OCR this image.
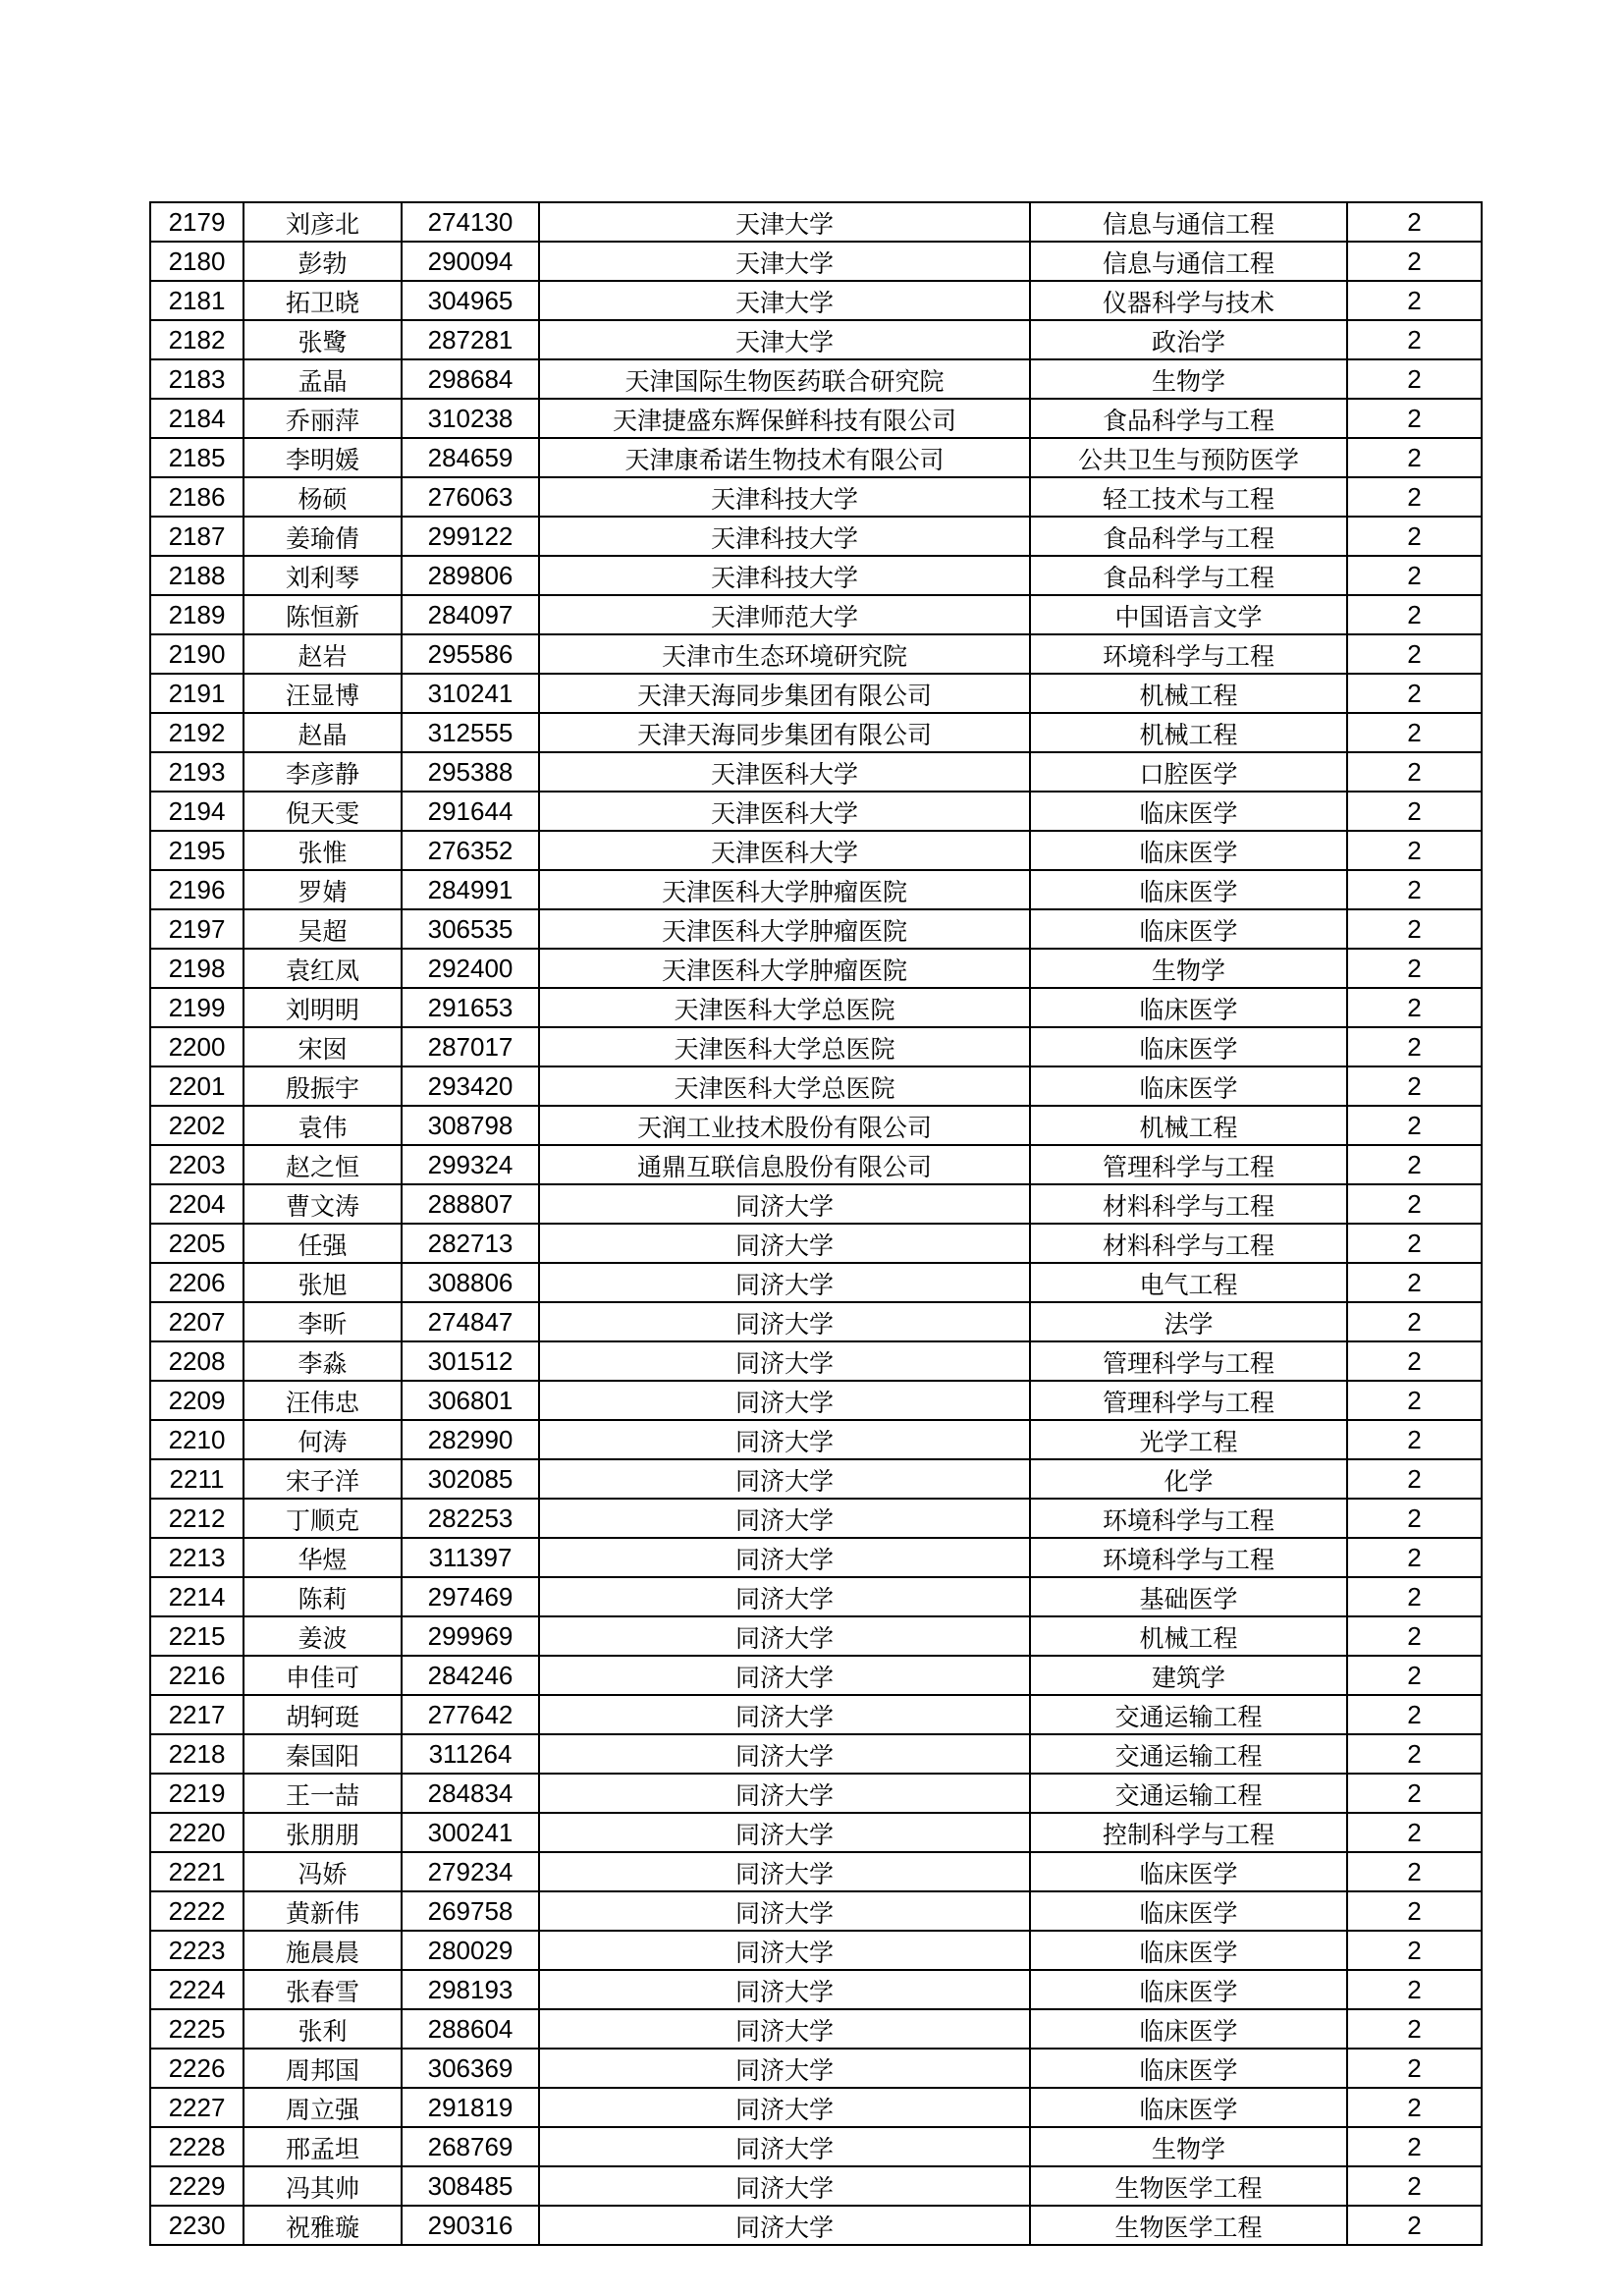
2179	刘彦北	274130	天津大学	信息与通信工程	2
2180	彭勃	290094	天津大学	信息与通信工程	2
2181	拓卫晓	304965	天津大学	仪器科学与技术	2
2182	张鹭	287281	天津大学	政治学	2
2183	孟晶	298684	天津国际生物医药联合研究院	生物学	2
2184	乔丽萍	310238	天津捷盛东辉保鲜科技有限公司	食品科学与工程	2
2185	李明媛	284659	天津康希诺生物技术有限公司	公共卫生与预防医学	2
2186	杨硕	276063	天津科技大学	轻工技术与工程	2
2187	姜瑜倩	299122	天津科技大学	食品科学与工程	2
2188	刘利琴	289806	天津科技大学	食品科学与工程	2
2189	陈恒新	284097	天津师范大学	中国语言文学	2
2190	赵岩	295586	天津市生态环境研究院	环境科学与工程	2
2191	汪显博	310241	天津天海同步集团有限公司	机械工程	2
2192	赵晶	312555	天津天海同步集团有限公司	机械工程	2
2193	李彦静	295388	天津医科大学	口腔医学	2
2194	倪天雯	291644	天津医科大学	临床医学	2
2195	张惟	276352	天津医科大学	临床医学	2
2196	罗婧	284991	天津医科大学肿瘤医院	临床医学	2
2197	吴超	306535	天津医科大学肿瘤医院	临床医学	2
2198	袁红凤	292400	天津医科大学肿瘤医院	生物学	2
2199	刘明明	291653	天津医科大学总医院	临床医学	2
2200	宋囡	287017	天津医科大学总医院	临床医学	2
2201	殷振宇	293420	天津医科大学总医院	临床医学	2
2202	袁伟	308798	天润工业技术股份有限公司	机械工程	2
2203	赵之恒	299324	通鼎互联信息股份有限公司	管理科学与工程	2
2204	曹文涛	288807	同济大学	材料科学与工程	2
2205	任强	282713	同济大学	材料科学与工程	2
2206	张旭	308806	同济大学	电气工程	2
2207	李昕	274847	同济大学	法学	2
2208	李淼	301512	同济大学	管理科学与工程	2
2209	汪伟忠	306801	同济大学	管理科学与工程	2
2210	何涛	282990	同济大学	光学工程	2
2211	宋子洋	302085	同济大学	化学	2
2212	丁顺克	282253	同济大学	环境科学与工程	2
2213	华煜	311397	同济大学	环境科学与工程	2
2214	陈莉	297469	同济大学	基础医学	2
2215	姜波	299969	同济大学	机械工程	2
2216	申佳可	284246	同济大学	建筑学	2
2217	胡轲珽	277642	同济大学	交通运输工程	2
2218	秦国阳	311264	同济大学	交通运输工程	2
2219	王一喆	284834	同济大学	交通运输工程	2
2220	张朋朋	300241	同济大学	控制科学与工程	2
2221	冯娇	279234	同济大学	临床医学	2
2222	黄新伟	269758	同济大学	临床医学	2
2223	施晨晨	280029	同济大学	临床医学	2
2224	张春雪	298193	同济大学	临床医学	2
2225	张利	288604	同济大学	临床医学	2
2226	周邦国	306369	同济大学	临床医学	2
2227	周立强	291819	同济大学	临床医学	2
2228	邢孟坦	268769	同济大学	生物学	2
2229	冯其帅	308485	同济大学	生物医学工程	2
2230	祝雅璇	290316	同济大学	生物医学工程	2
